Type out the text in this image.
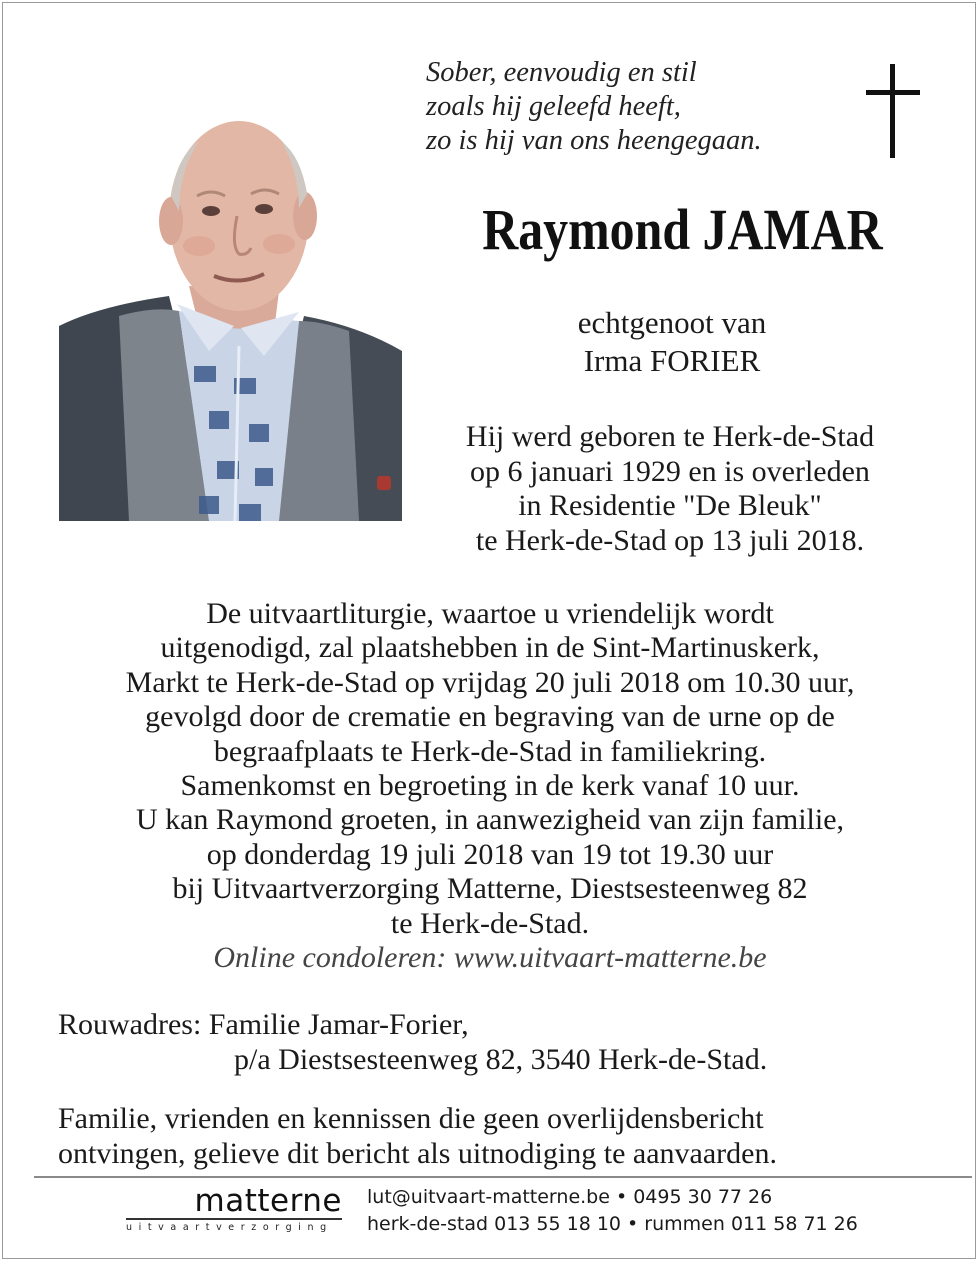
Sober, eenvoudig en stil
zoals hij geleefd heeft,
zo is hij van ons heengegaan.
Raymond JAMAR
echtgenoot van
Irma FORIER
Hij werd geboren te Herk-de-Stad
op 6 januari 1929 en is overleden
in Residentie "De Bleuk"
te Herk-de-Stad op 13 juli 2018.
De uitvaartliturgie, waartoe u vriendelijk wordt
uitgenodigd, zal plaatshebben in de Sint-Martinuskerk,
Markt te Herk-de-Stad op vrijdag 20 juli 2018 om 10.30 uur,
gevolgd door de crematie en begraving van de urne op de
begraafplaats te Herk-de-Stad in familiekring.
Samenkomst en begroeting in de kerk vanaf 10 uur.
U kan Raymond groeten, in aanwezigheid van zijn familie,
op donderdag 19 juli 2018 van 19 tot 19.30 uur
bij Uitvaartverzorging Matterne, Diestsesteenweg 82
te Herk-de-Stad.
Online condoleren: www.uitvaart-matterne.be
Rouwadres: Familie Jamar-Forier,
p/a Diestsesteenweg 82, 3540 Herk-de-Stad.
Familie, vrienden en kennissen die geen overlijdensbericht
ontvingen, gelieve dit bericht als uitnodiging te aanvaarden.
matterne
uitvaartverzorging
lut@uitvaart-matterne.be • 0495 30 77 26
herk-de-stad 013 55 18 10 • rummen 011 58 71 26
